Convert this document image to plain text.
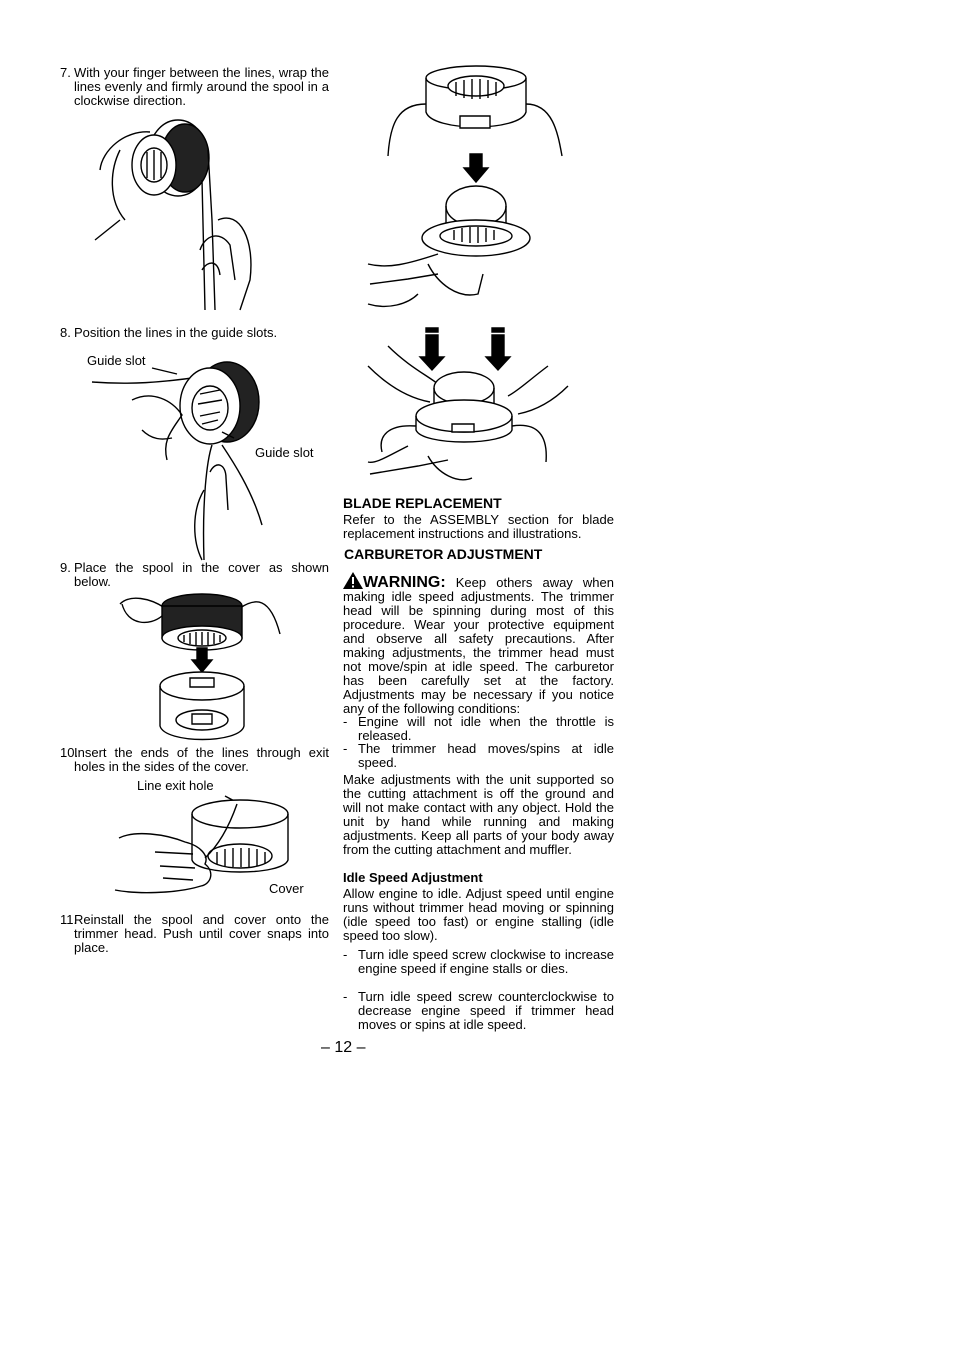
7. With your finger between the lines, wrap the lines evenly and firmly around the spool in a clockwise direction.
8. Position the lines in the guide slots.
Guide slot
Guide slot
9. Place the spool in the cover as shown below.
10.
Insert the ends of the lines through exit holes in the sides of the cover.
Line exit hole
Cover
11.
Reinstall the spool and cover onto the trimmer head. Push until cover snaps into place.
BLADE REPLACEMENT
Refer to the ASSEMBLY section for blade replacement instructions and illustrations.
CARBURETOR ADJUSTMENT
WARNING: Keep others away when making idle speed adjustments. The trimmer head will be spinning during most of this procedure. Wear your protective equipment and observe all safety precautions. After making adjustments, the trimmer head must not move/spin at idle speed. The carburetor has been carefully set at the factory. Adjustments may be necessary if you notice any of the following conditions:
- Engine will not idle when the throttle is released.
- The trimmer head moves/spins at idle speed.
Make adjustments with the unit supported so the cutting attachment is off the ground and will not make contact with any object. Hold the unit by hand while running and making adjustments. Keep all parts of your body away from the cutting attachment and muffler.
Idle Speed Adjustment
Allow engine to idle. Adjust speed until engine runs without trimmer head moving or spinning (idle speed too fast) or engine stalling (idle speed too slow).
- Turn idle speed screw clockwise to increase engine speed if engine stalls or dies.
- Turn idle speed screw counterclockwise to decrease engine speed if trimmer head moves or spins at idle speed.
– 12 –
